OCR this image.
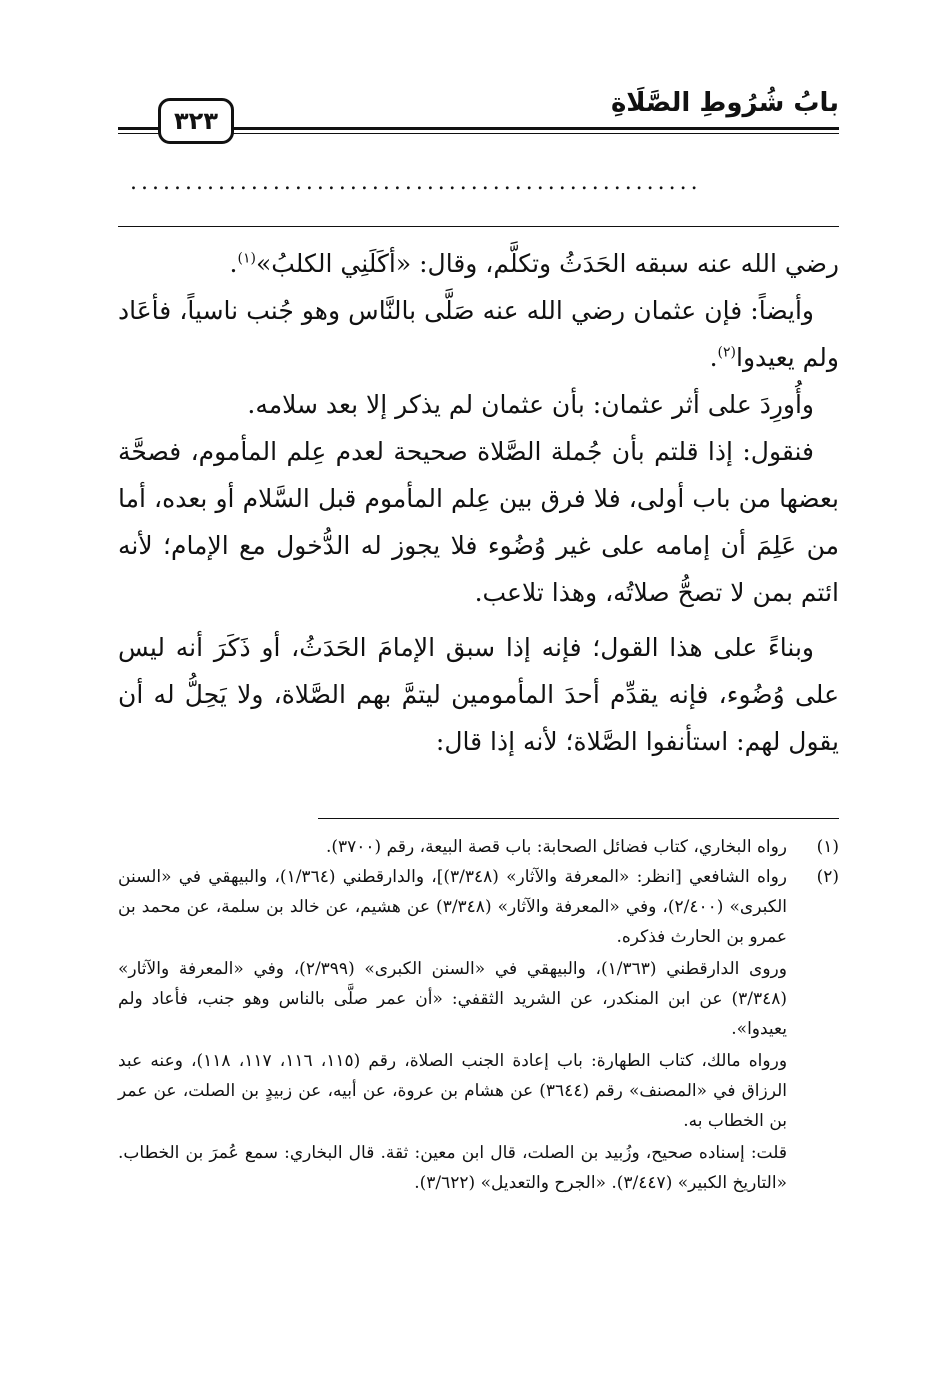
بابُ شُرُوطِ الصَّلَاةِ
٣٢٣
....................................................

رضي الله عنه سبقه الحَدَثُ وتكلَّم، وقال: «أكَلَنِي الكلبُ»$^{(١)}$.

وأيضاً: فإن عثمان رضي الله عنه صَلَّى بالنَّاس وهو جُنب ناسياً، فأعَاد ولم يعيدوا$^{(٢)}$.

وأُورِدَ على أثر عثمان: بأن عثمان لم يذكر إلا بعد سلامه.

فنقول: إذا قلتم بأن جُملة الصَّلاة صحيحة لعدم عِلم المأموم، فصحَّة بعضها من باب أولى، فلا فرق بين عِلم المأموم قبل السَّلام أو بعده، أما من عَلِمَ أن إمامه على غير وُضُوء فلا يجوز له الدُّخول مع الإمام؛ لأنه ائتم بمن لا تصحُّ صلاتُه، وهذا تلاعب.

وبناءً على هذا القول؛ فإنه إذا سبق الإمامَ الحَدَثُ، أو ذَكَرَ أنه ليس على وُضُوء، فإنه يقدِّم أحدَ المأمومين ليتمَّ بهم الصَّلاة، ولا يَحِلُّ له أن يقول لهم: استأنفوا الصَّلاة؛ لأنه إذا قال:

(١)

رواه البخاري، كتاب فضائل الصحابة: باب قصة البيعة، رقم (٣٧٠٠).

(٢)

رواه الشافعي [انظر: «المعرفة والآثار» (٣/٣٤٨)]، والدارقطني (١/٣٦٤)، والبيهقي في «السنن الكبرى» (٢/٤٠٠)، وفي «المعرفة والآثار» (٣/٣٤٨) عن هشيم، عن خالد بن سلمة، عن محمد بن عمرو بن الحارث فذكره.

وروى الدارقطني (١/٣٦٣)، والبيهقي في «السنن الكبرى» (٢/٣٩٩)، وفي «المعرفة والآثار» (٣/٣٤٨) عن ابن المنكدر، عن الشريد الثقفي: «أن عمر صلَّى بالناس وهو جنب، فأعاد ولم يعيدوا».

ورواه مالك، كتاب الطهارة: باب إعادة الجنب الصلاة، رقم (١١٥، ١١٦، ١١٧، ١١٨)، وعنه عبد الرزاق في «المصنف» رقم (٣٦٤٤) عن هشام بن عروة، عن أبيه، عن زبيدٍ بن الصلت، عن عمر بن الخطاب به.

قلت: إسناده صحيح، وزُبيد بن الصلت، قال ابن معين: ثقة. قال البخاري: سمع عُمرَ بن الخطاب. «التاريخ الكبير» (٣/٤٤٧). «الجرح والتعديل» (٣/٦٢٢).
